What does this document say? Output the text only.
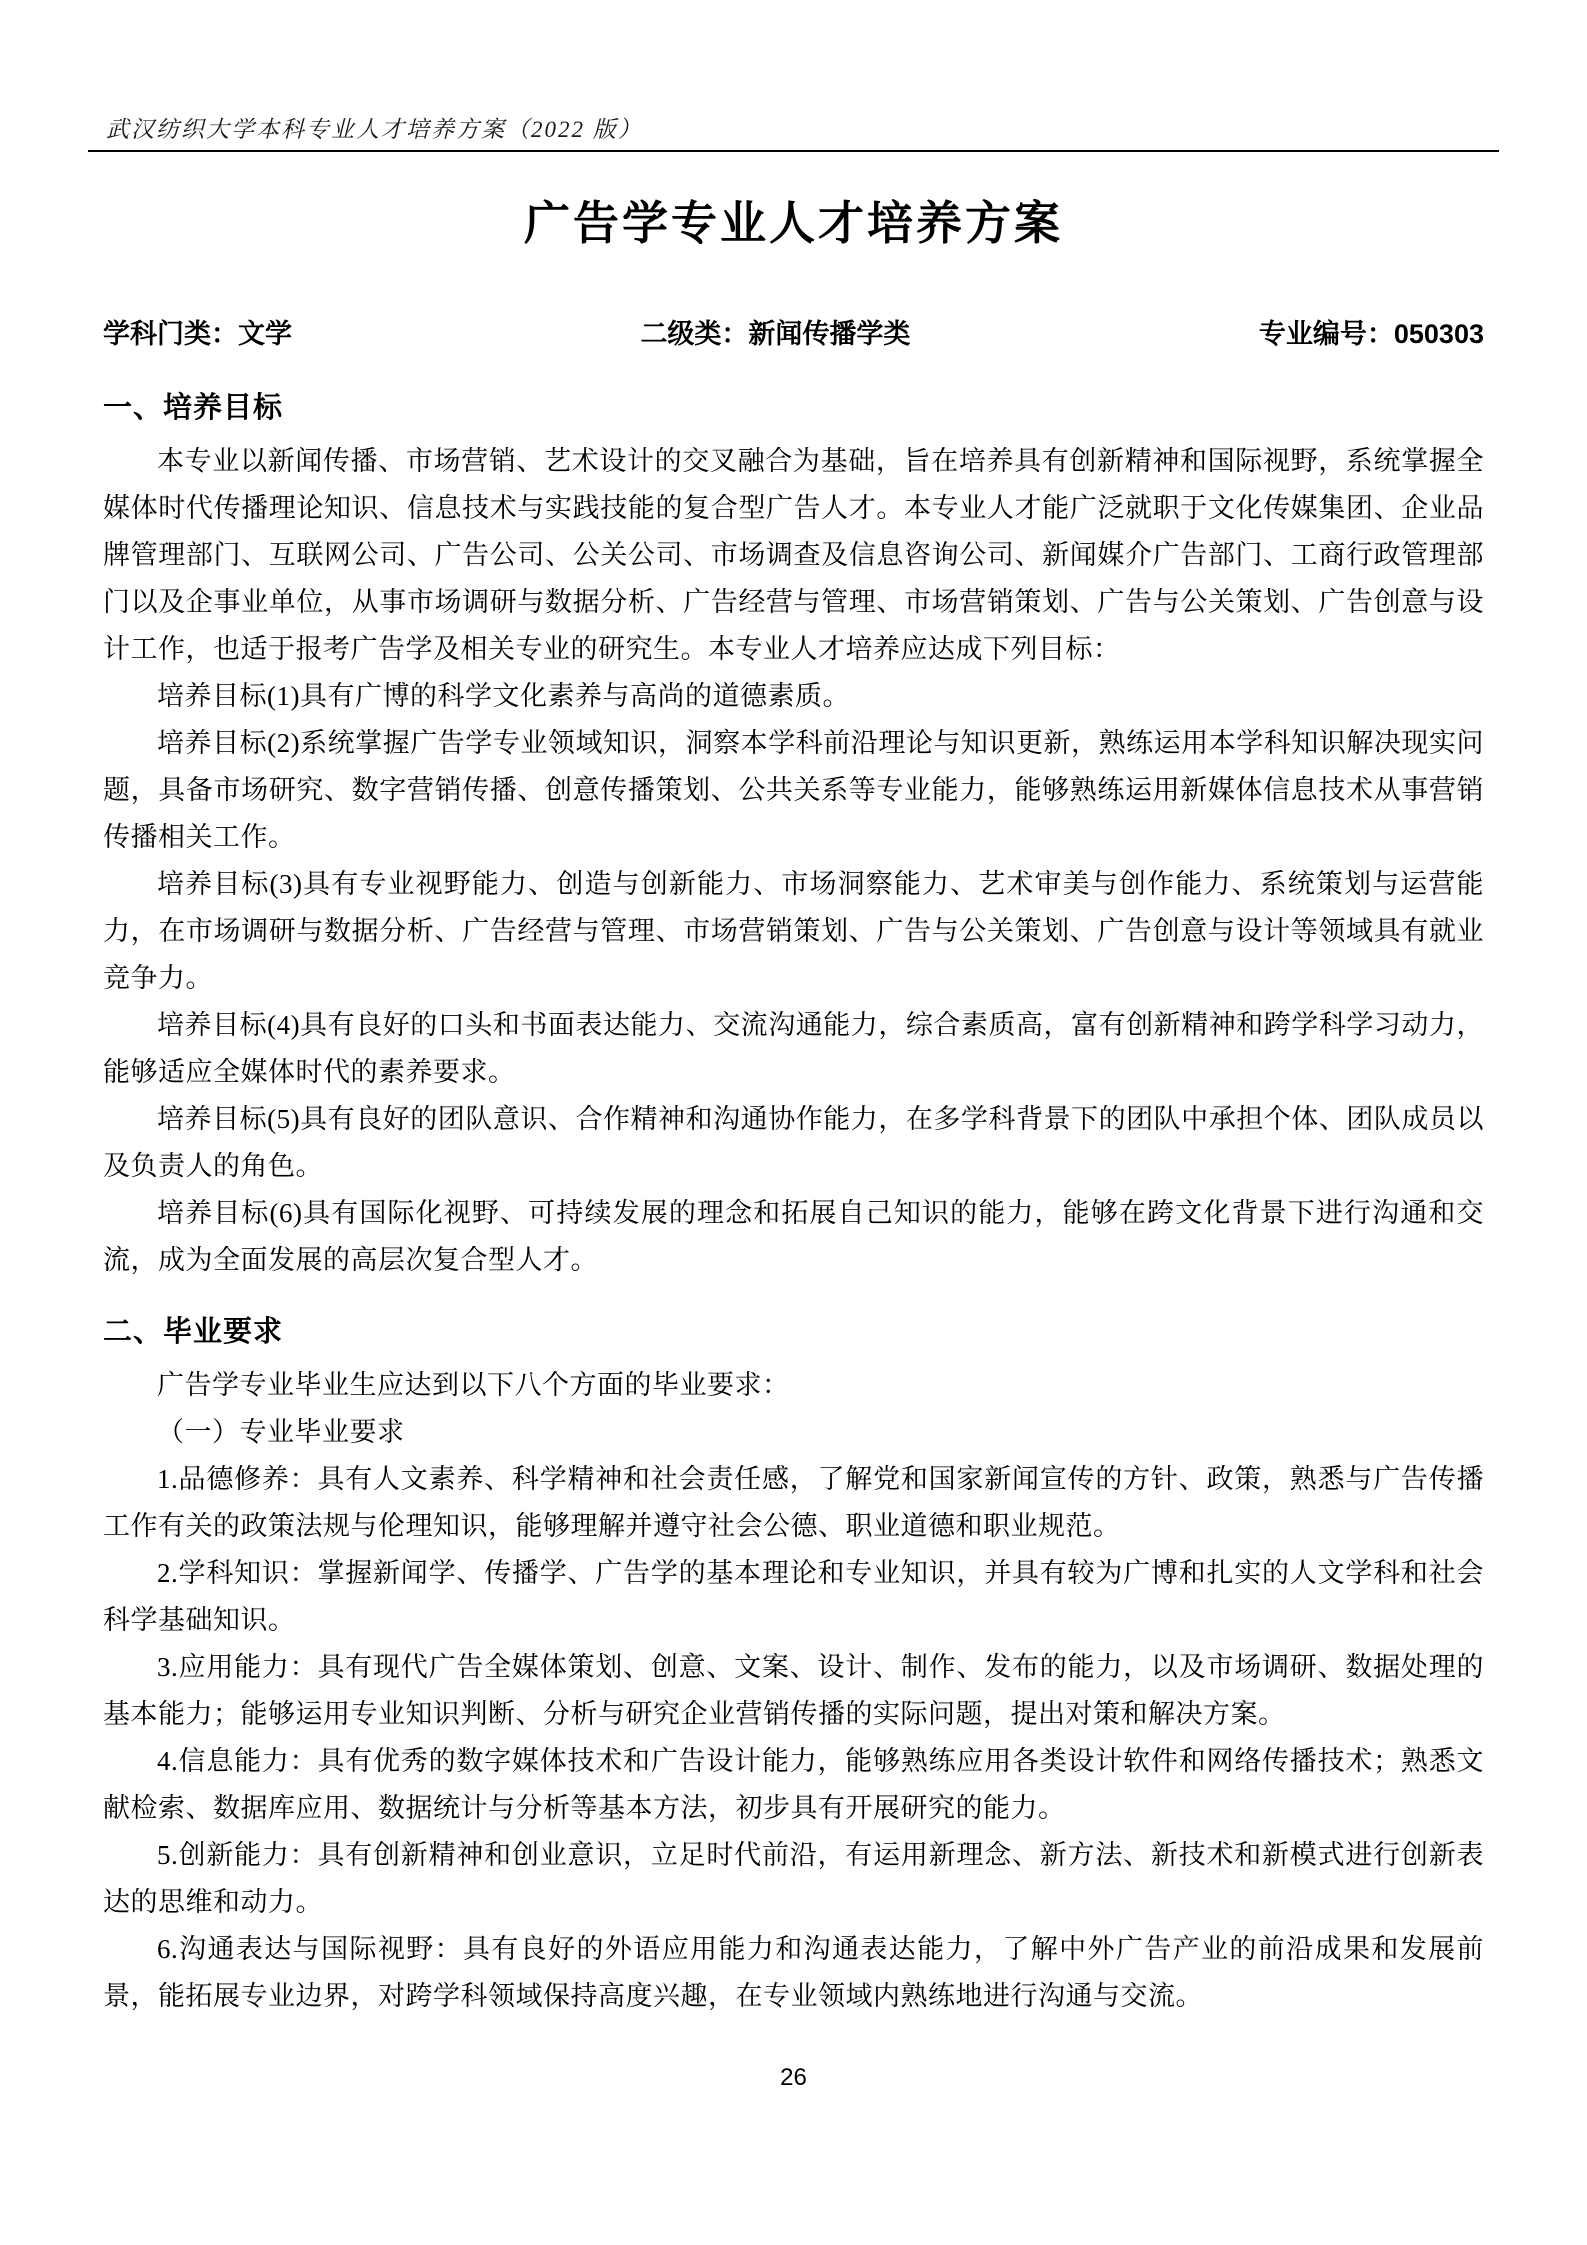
武汉纺织大学本科专业人才培养方案（2022 版）
广告学专业人才培养方案
学科门类：文学	二级类：新闻传播学类	专业编号：050303
一、培养目标

本专业以新闻传播、市场营销、艺术设计的交叉融合为基础，旨在培养具有创新精神和国际视野，系统掌握全媒体时代传播理论知识、信息技术与实践技能的复合型广告人才。本专业人才能广泛就职于文化传媒集团、企业品牌管理部门、互联网公司、广告公司、公关公司、市场调查及信息咨询公司、新闻媒介广告部门、工商行政管理部门以及企事业单位，从事市场调研与数据分析、广告经营与管理、市场营销策划、广告与公关策划、广告创意与设计工作，也适于报考广告学及相关专业的研究生。本专业人才培养应达成下列目标：

培养目标(1)具有广博的科学文化素养与高尚的道德素质。

培养目标(2)系统掌握广告学专业领域知识，洞察本学科前沿理论与知识更新，熟练运用本学科知识解决现实问题，具备市场研究、数字营销传播、创意传播策划、公共关系等专业能力，能够熟练运用新媒体信息技术从事营销传播相关工作。

培养目标(3)具有专业视野能力、创造与创新能力、市场洞察能力、艺术审美与创作能力、系统策划与运营能力，在市场调研与数据分析、广告经营与管理、市场营销策划、广告与公关策划、广告创意与设计等领域具有就业竞争力。

培养目标(4)具有良好的口头和书面表达能力、交流沟通能力，综合素质高，富有创新精神和跨学科学习动力，能够适应全媒体时代的素养要求。

培养目标(5)具有良好的团队意识、合作精神和沟通协作能力，在多学科背景下的团队中承担个体、团队成员以及负责人的角色。

培养目标(6)具有国际化视野、可持续发展的理念和拓展自己知识的能力，能够在跨文化背景下进行沟通和交流，成为全面发展的高层次复合型人才。

二、毕业要求

广告学专业毕业生应达到以下八个方面的毕业要求：

（一）专业毕业要求

1.品德修养：具有人文素养、科学精神和社会责任感，了解党和国家新闻宣传的方针、政策，熟悉与广告传播工作有关的政策法规与伦理知识，能够理解并遵守社会公德、职业道德和职业规范。

2.学科知识：掌握新闻学、传播学、广告学的基本理论和专业知识，并具有较为广博和扎实的人文学科和社会科学基础知识。

3.应用能力：具有现代广告全媒体策划、创意、文案、设计、制作、发布的能力，以及市场调研、数据处理的基本能力；能够运用专业知识判断、分析与研究企业营销传播的实际问题，提出对策和解决方案。

4.信息能力：具有优秀的数字媒体技术和广告设计能力，能够熟练应用各类设计软件和网络传播技术；熟悉文献检索、数据库应用、数据统计与分析等基本方法，初步具有开展研究的能力。

5.创新能力：具有创新精神和创业意识，立足时代前沿，有运用新理念、新方法、新技术和新模式进行创新表达的思维和动力。

6.沟通表达与国际视野：具有良好的外语应用能力和沟通表达能力，了解中外广告产业的前沿成果和发展前景，能拓展专业边界，对跨学科领域保持高度兴趣，在专业领域内熟练地进行沟通与交流。

26
